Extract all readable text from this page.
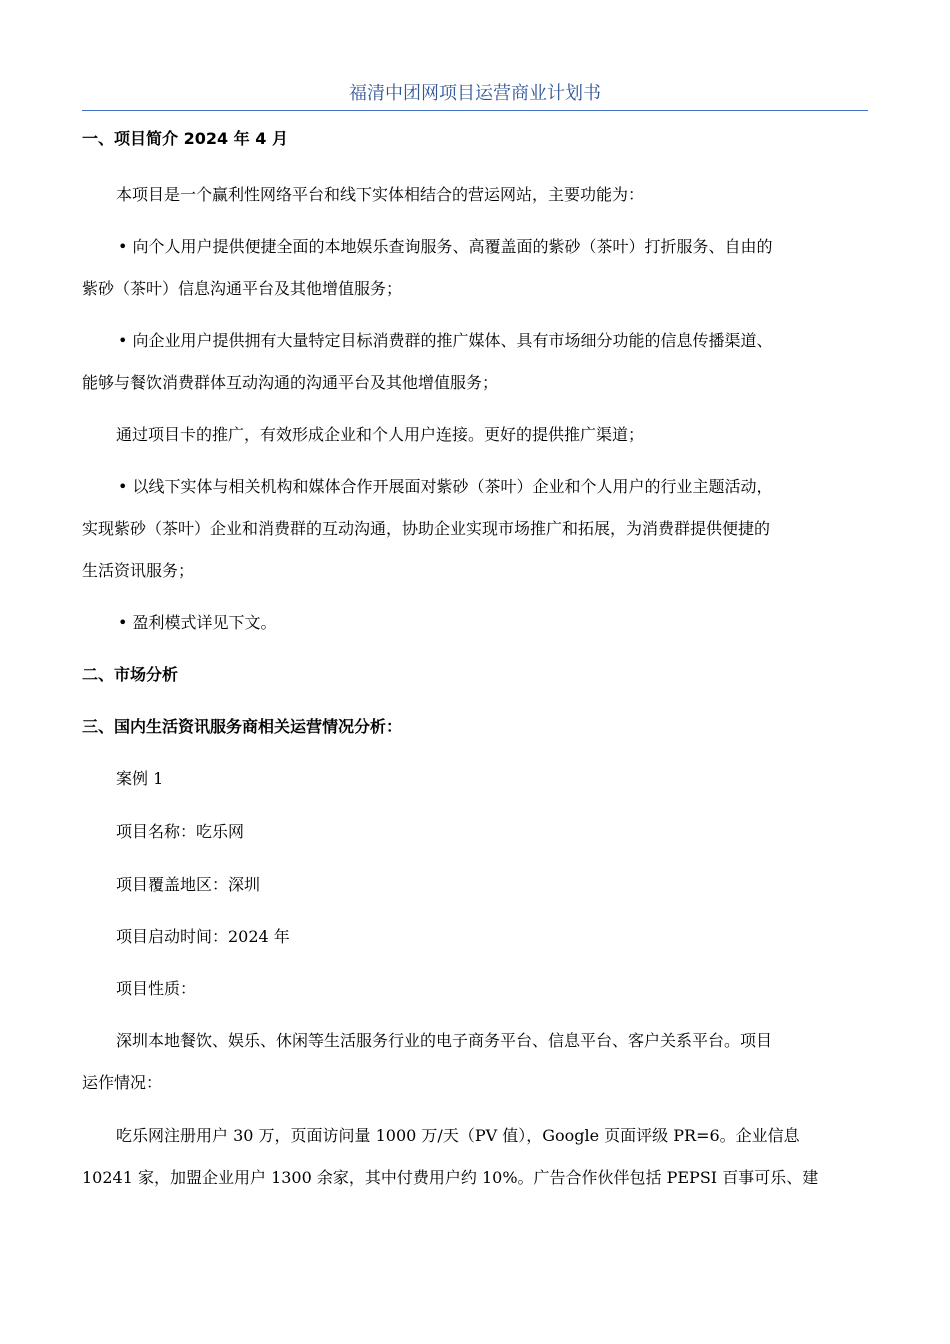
福清中团网项目运营商业计划书
一、项目简介 2024 年 4 月
本项目是一个赢利性网络平台和线下实体相结合的营运网站，主要功能为：
• 向个人用户提供便捷全面的本地娱乐查询服务、高覆盖面的紫砂（茶叶）打折服务、自由的
紫砂（茶叶）信息沟通平台及其他增值服务；
• 向企业用户提供拥有大量特定目标消费群的推广媒体、具有市场细分功能的信息传播渠道、
能够与餐饮消费群体互动沟通的沟通平台及其他增值服务；
通过项目卡的推广，有效形成企业和个人用户连接。更好的提供推广渠道；
• 以线下实体与相关机构和媒体合作开展面对紫砂（茶叶）企业和个人用户的行业主题活动，
实现紫砂（茶叶）企业和消费群的互动沟通，协助企业实现市场推广和拓展，为消费群提供便捷的
生活资讯服务；
• 盈利模式详见下文。
二、市场分析
三、国内生活资讯服务商相关运营情况分析：
案例 1
项目名称：吃乐网
项目覆盖地区：深圳
项目启动时间：2024 年
项目性质：
深圳本地餐饮、娱乐、休闲等生活服务行业的电子商务平台、信息平台、客户关系平台。项目
运作情况：
吃乐网注册用户 30 万，页面访问量 1000 万/天（PV 值），Google 页面评级 PR=6。企业信息
10241 家，加盟企业用户 1300 余家，其中付费用户约 10%。广告合作伙伴包括 PEPSI 百事可乐、建
